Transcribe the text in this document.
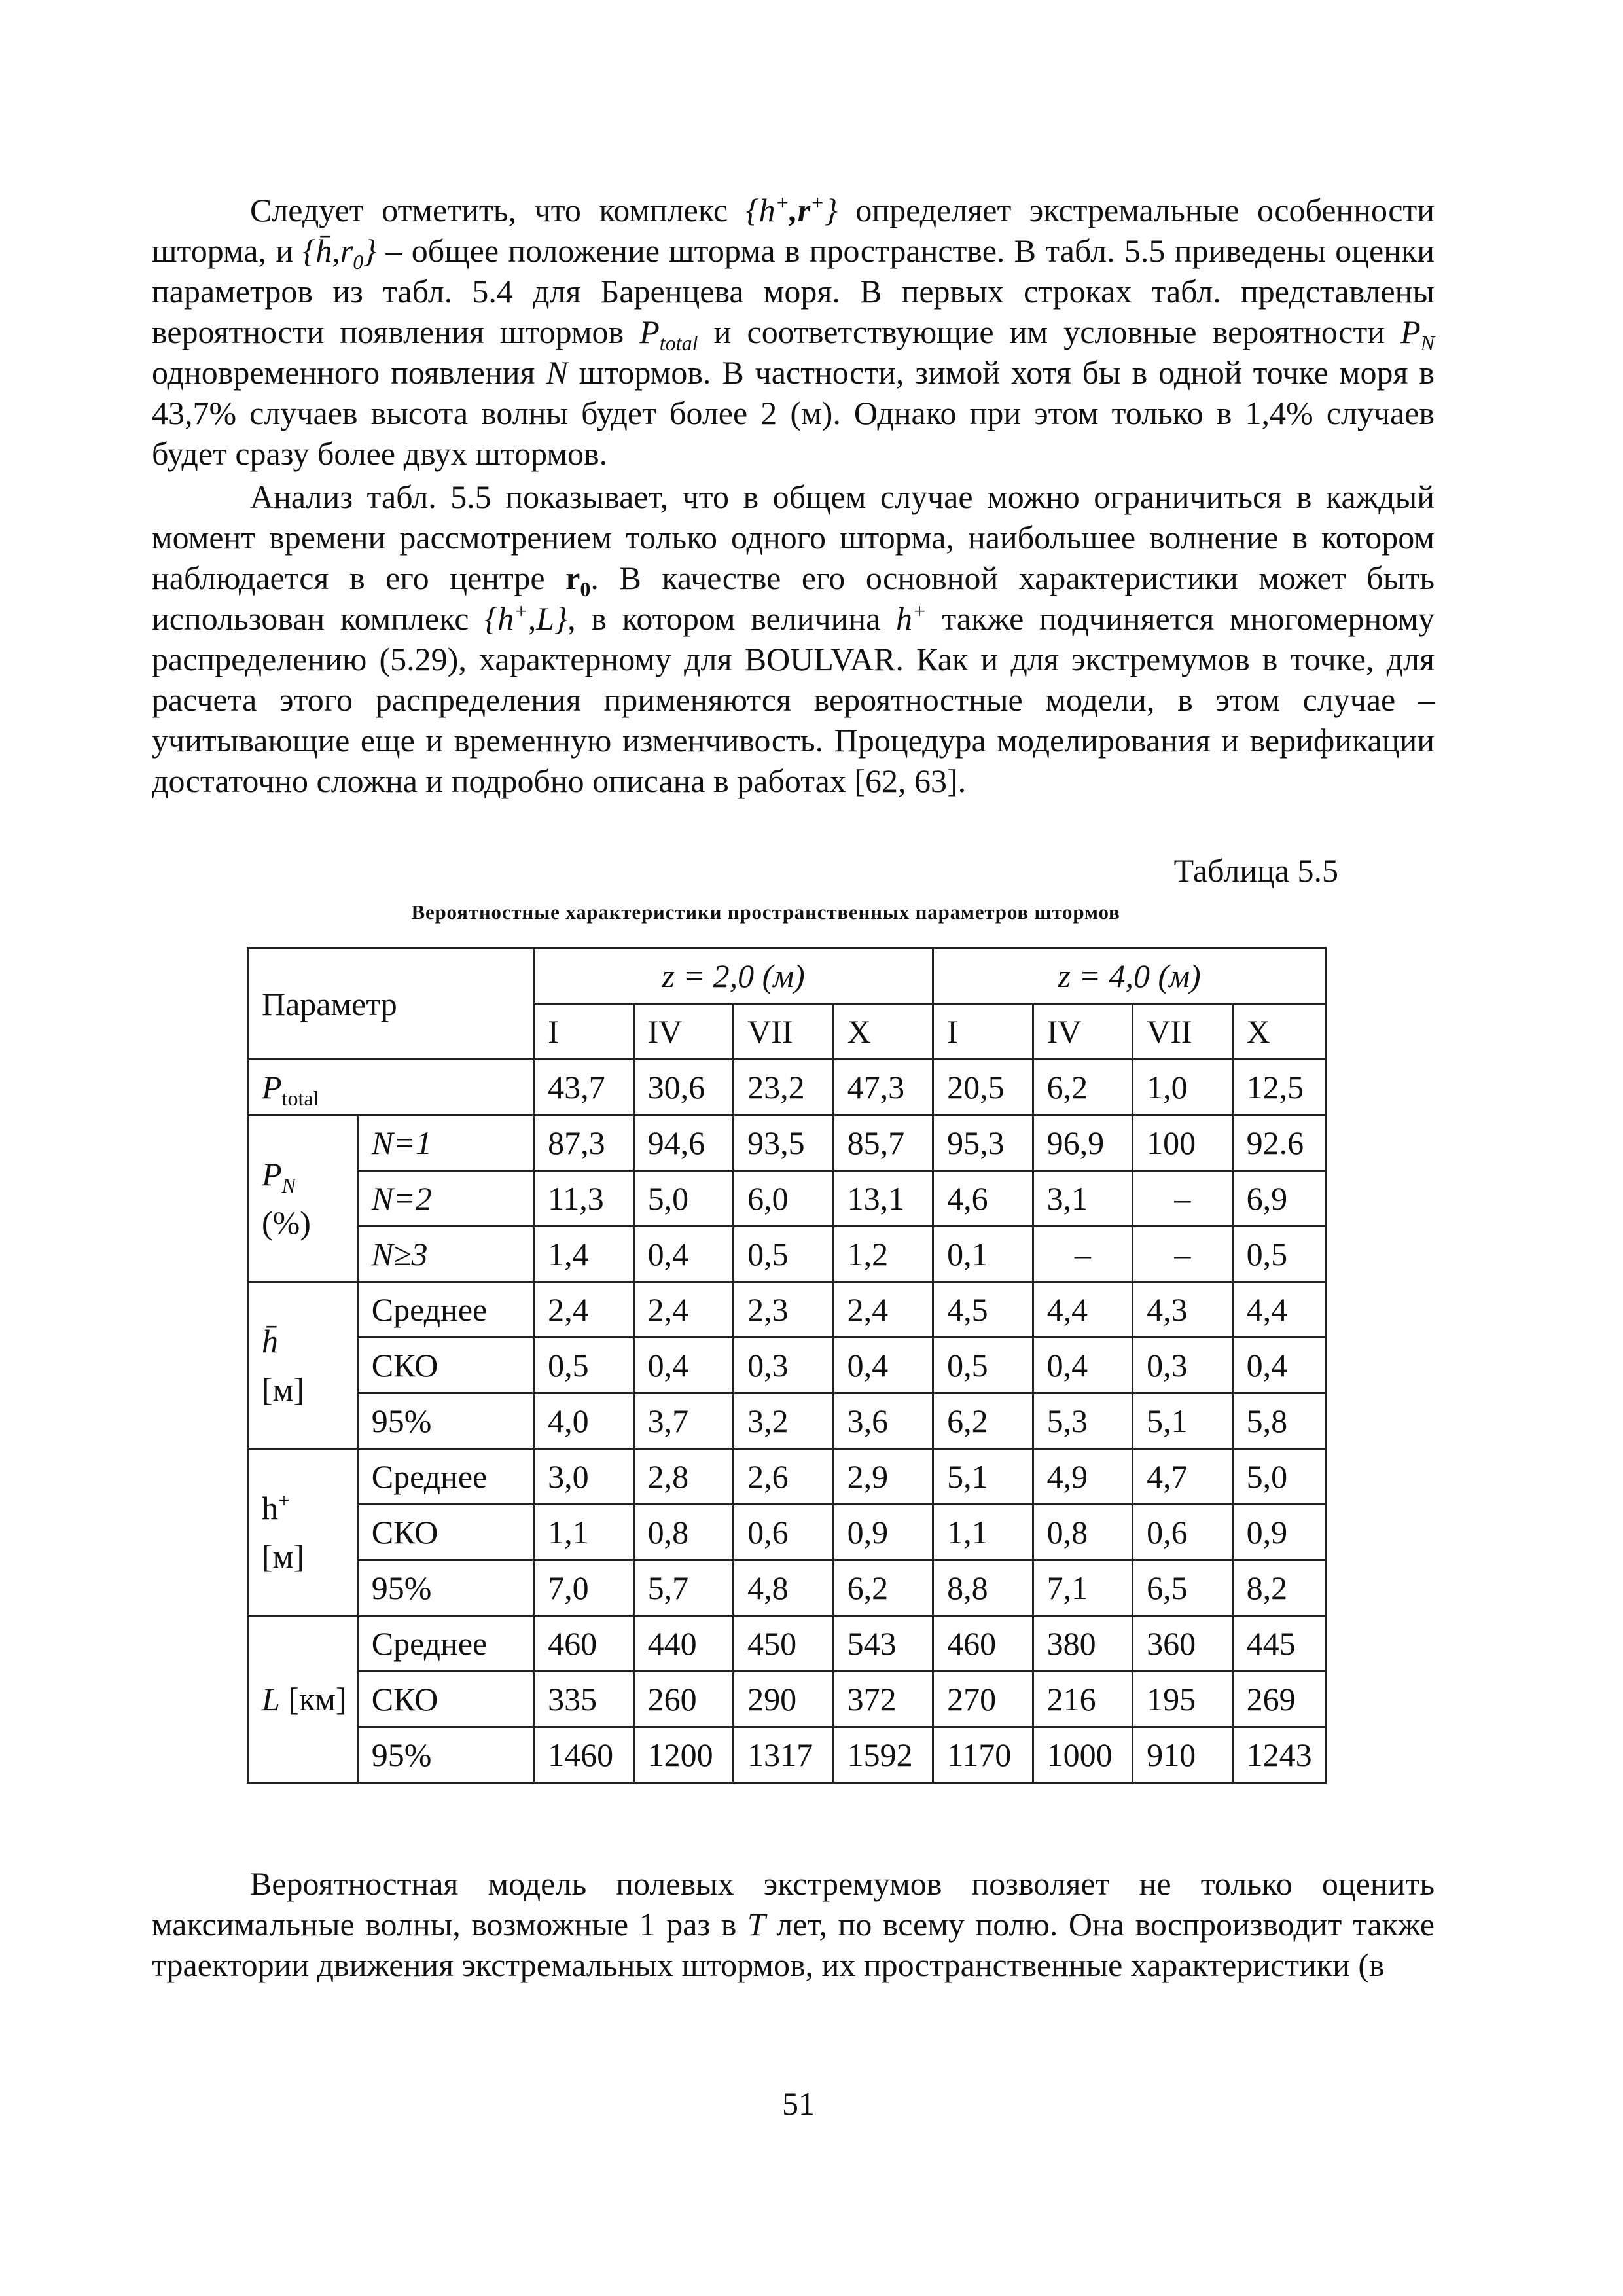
Следует отметить, что комплекс {h+,r+} определяет экстремальные особенности шторма, и $\{h̄,r_0\}$ – общее положение шторма в пространстве. В табл. 5.5 приведены оценки параметров из табл. 5.4 для Баренцева моря. В первых строках табл. представлены вероятности появления штормов $P_{total}$ и соответствующие им условные вероятности $P_N$ одновременного появления N штормов. В частности, зимой хотя бы в одной точке моря в 43,7% случаев высота волны будет более 2 (м). Однако при этом только в 1,4% случаев будет сразу более двух штормов.

Анализ табл. 5.5 показывает, что в общем случае можно ограничиться в каждый момент времени рассмотрением только одного шторма, наибольшее волнение в котором наблюдается в его центре $r_0$. В качестве его основной характеристики может быть использован комплекс {h+,L}, в котором величина h+ также подчиняется многомерному распределению (5.29), характерному для BOULVAR. Как и для экстремумов в точке, для расчета этого распределения применяются вероятностные модели, в этом случае – учитывающие еще и временную изменчивость. Процедура моделирования и верификации достаточно сложна и подробно описана в работах [62, 63].

Таблица 5.5
Вероятностные характеристики пространственных параметров штормов
Параметр		z = 2,0 (м)				z = 4,0 (м)			
		I	IV	VII	X	I	IV	VII	X
$P_{total}$		43,7	30,6	23,2	47,3	20,5	6,2	1,0	12,5
$P_N$
(%)	N=1	87,3	94,6	93,5	85,7	95,3	96,9	100	92.6
	N=2	11,3	5,0	6,0	13,1	4,6	3,1	–	6,9
	N≥3	1,4	0,4	0,5	1,2	0,1	–	–	0,5
h̄
[м]	Среднее	2,4	2,4	2,3	2,4	4,5	4,4	4,3	4,4
	СКО	0,5	0,4	0,3	0,4	0,5	0,4	0,3	0,4
	95%	4,0	3,7	3,2	3,6	6,2	5,3	5,1	5,8
h+
[м]	Среднее	3,0	2,8	2,6	2,9	5,1	4,9	4,7	5,0
	СКО	1,1	0,8	0,6	0,9	1,1	0,8	0,6	0,9
	95%	7,0	5,7	4,8	6,2	8,8	7,1	6,5	8,2
L [км]	Среднее	460	440	450	543	460	380	360	445
	СКО	335	260	290	372	270	216	195	269
	95%	1460	1200	1317	1592	1170	1000	910	1243

Вероятностная модель полевых экстремумов позволяет не только оценить максимальные волны, возможные 1 раз в T лет, по всему полю. Она воспроизводит также траектории движения экстремальных штормов, их пространственные характеристики (в

51
